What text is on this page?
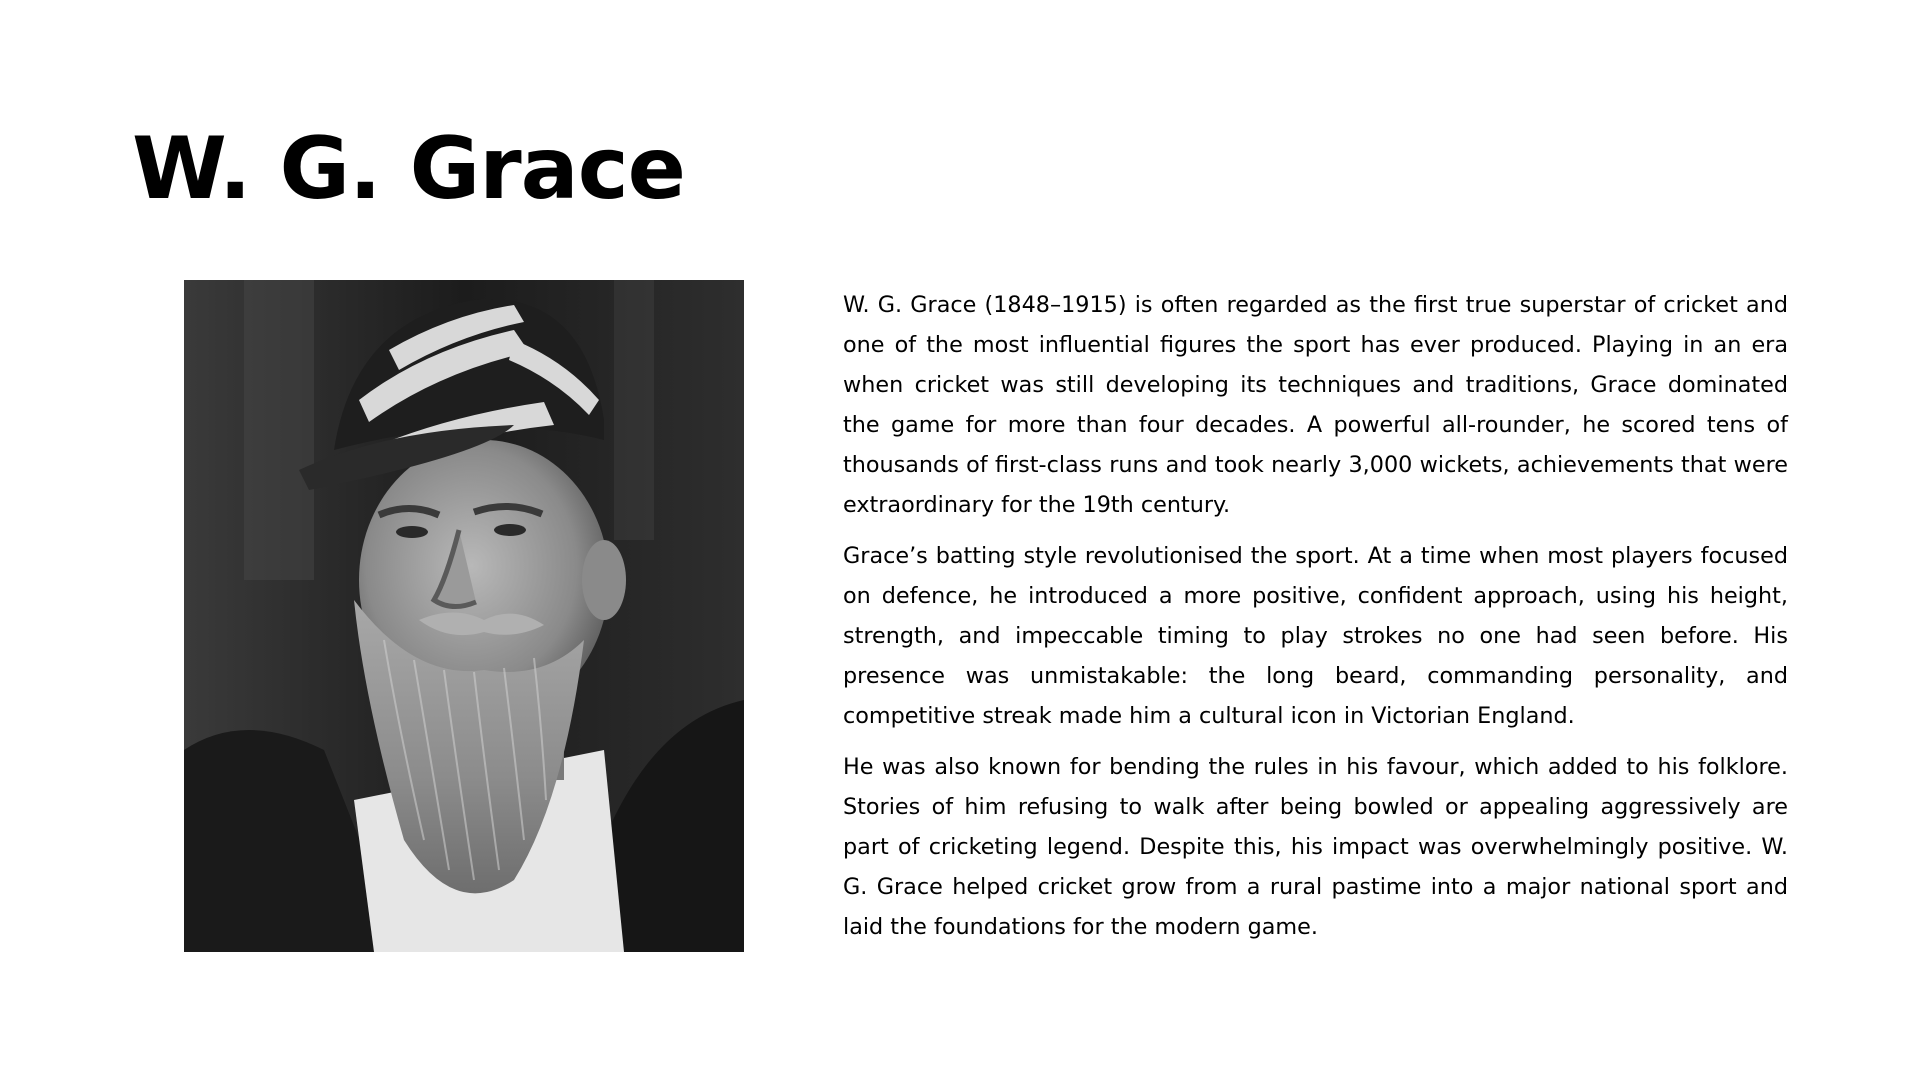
W. G. Grace

W. G. Grace (1848–1915) is often regarded as the first true superstar of cricket and one of the most influential figures the sport has ever produced. Playing in an era when cricket was still developing its techniques and traditions, Grace dominated the game for more than four decades. A powerful all-rounder, he scored tens of thousands of first-class runs and took nearly 3,000 wickets, achievements that were extraordinary for the 19th century.

Grace’s batting style revolutionised the sport. At a time when most players focused on defence, he introduced a more positive, confident approach, using his height, strength, and impeccable timing to play strokes no one had seen before. His presence was unmistakable: the long beard, commanding personality, and competitive streak made him a cultural icon in Victorian England.

He was also known for bending the rules in his favour, which added to his folklore. Stories of him refusing to walk after being bowled or appealing aggressively are part of cricketing legend. Despite this, his impact was overwhelmingly positive. W. G. Grace helped cricket grow from a rural pastime into a major national sport and laid the foundations for the modern game.
